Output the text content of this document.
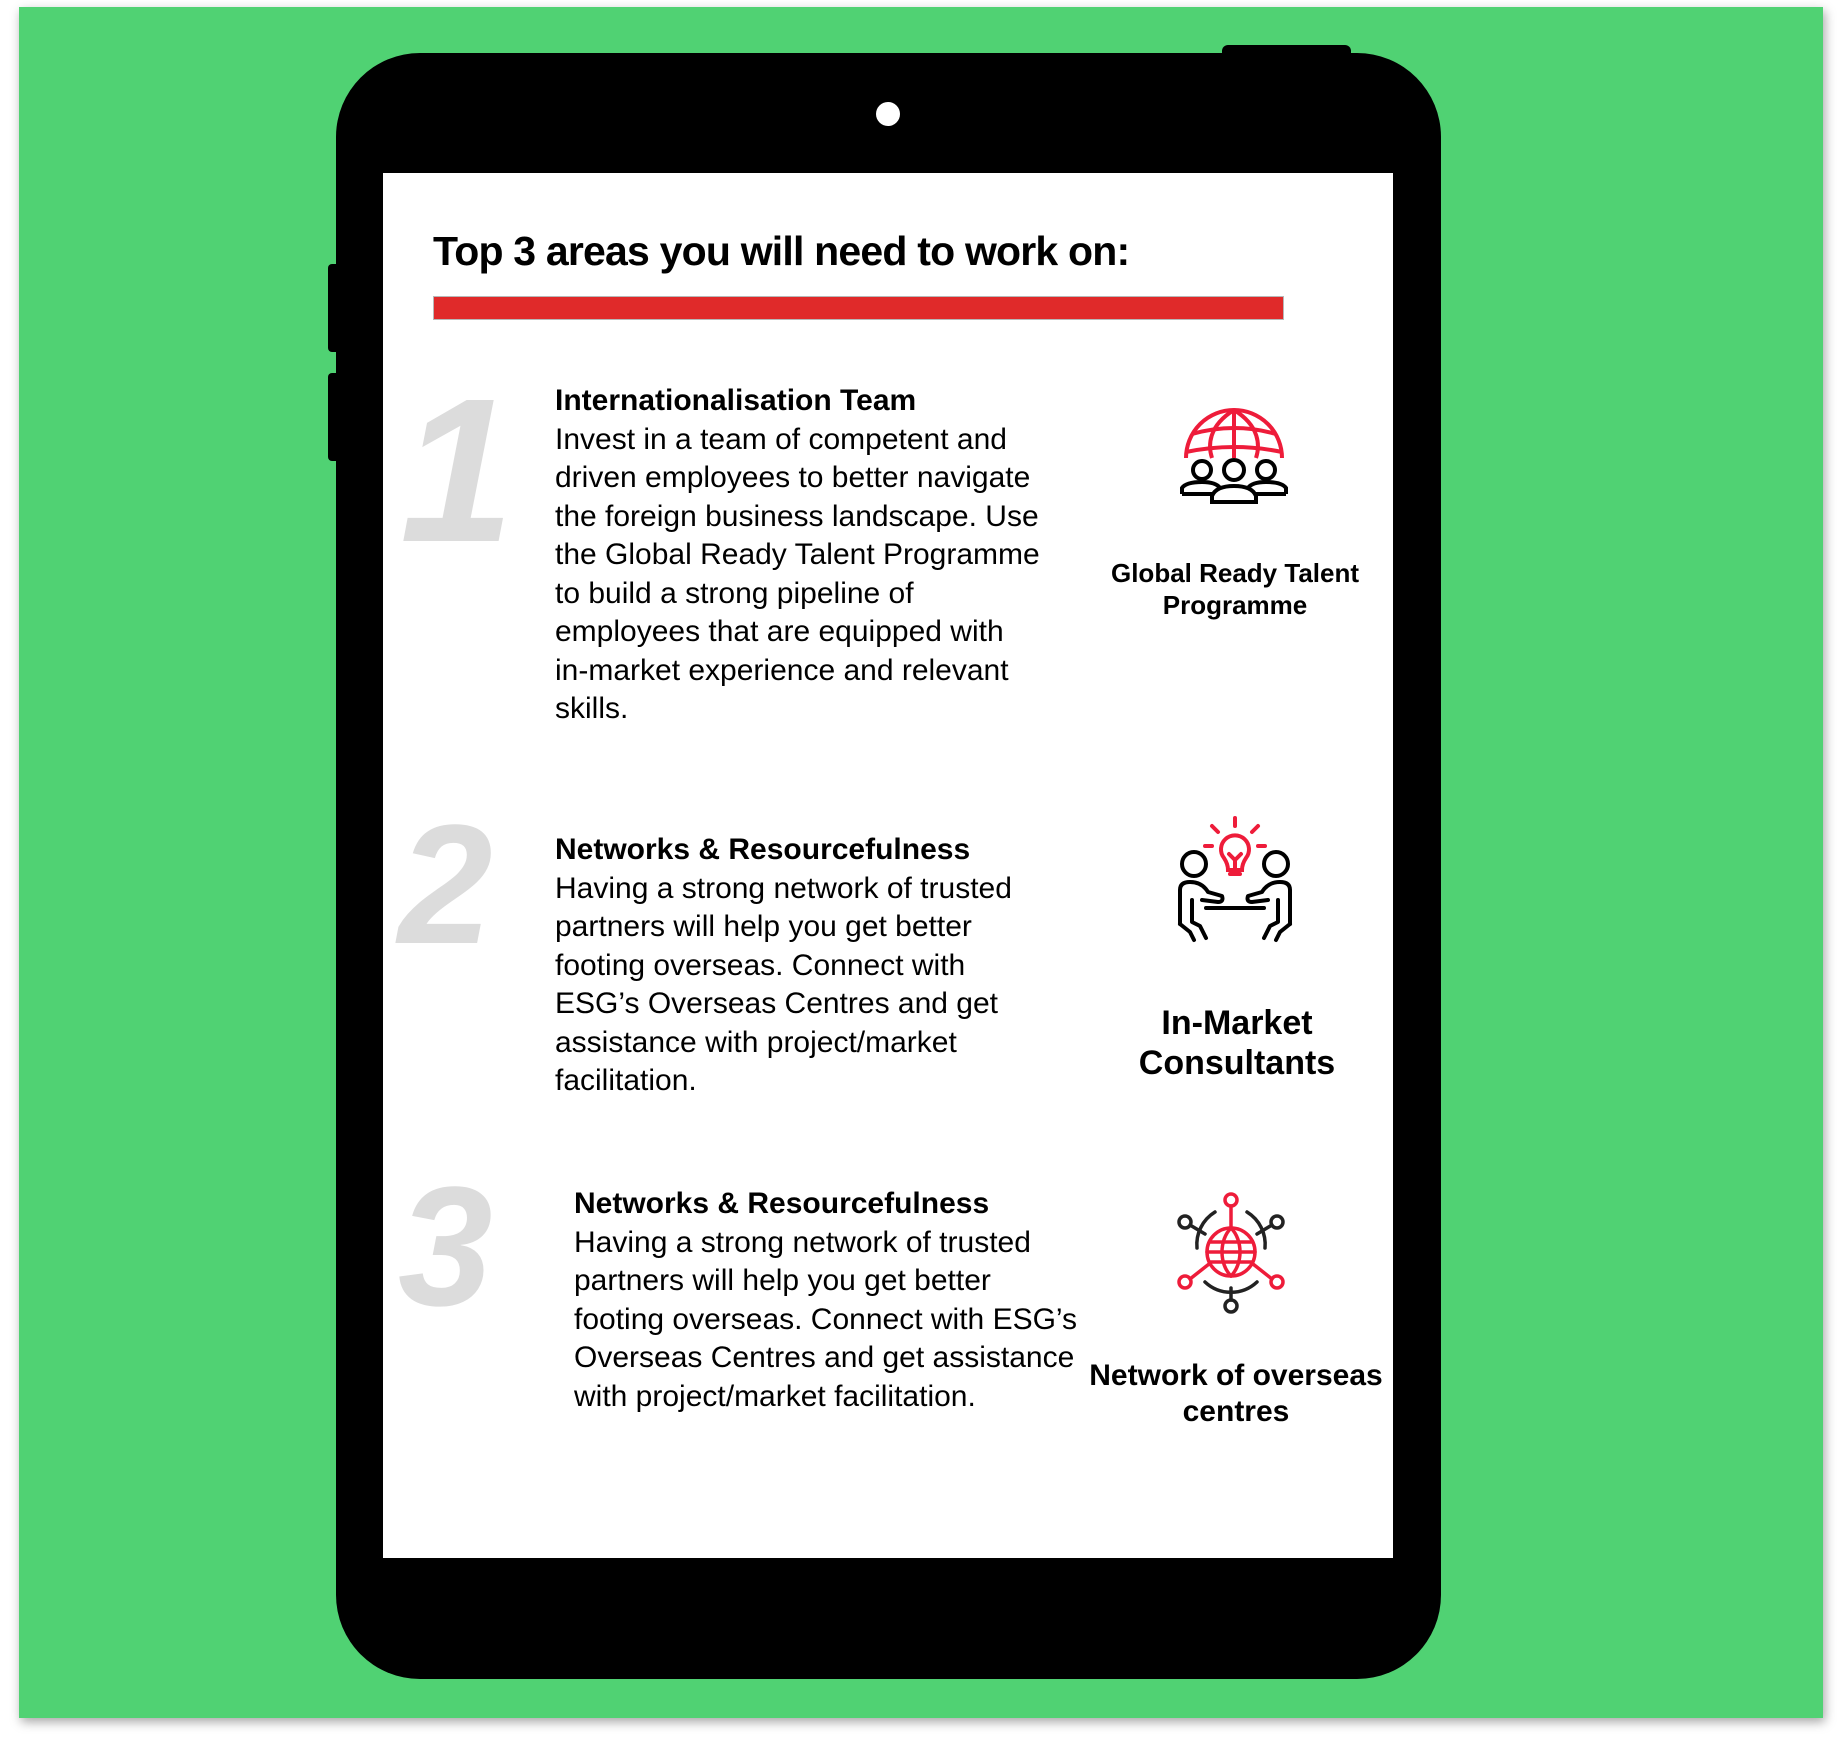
Top 3 areas you will need to work on:
1 Internationalisation Team

Invest in a team of competent and driven employees to better navigate the foreign business landscape. Use the Global Ready Talent Programme to build a strong pipeline of employees that are equipped with in-market experience and relevant skills.

Global Ready Talent Programme
2 Networks & Resourcefulness

Having a strong network of trusted partners will help you get better footing overseas. Connect with ESG’s Overseas Centres and get assistance with project/market facilitation.

In-Market Consultants
3	Networks & Resourcefulness

Having a strong network of trusted partners will help you get better footing overseas. Connect with ESG’s Overseas Centres and get assistance with project/market facilitation.

Network of overseas centres
